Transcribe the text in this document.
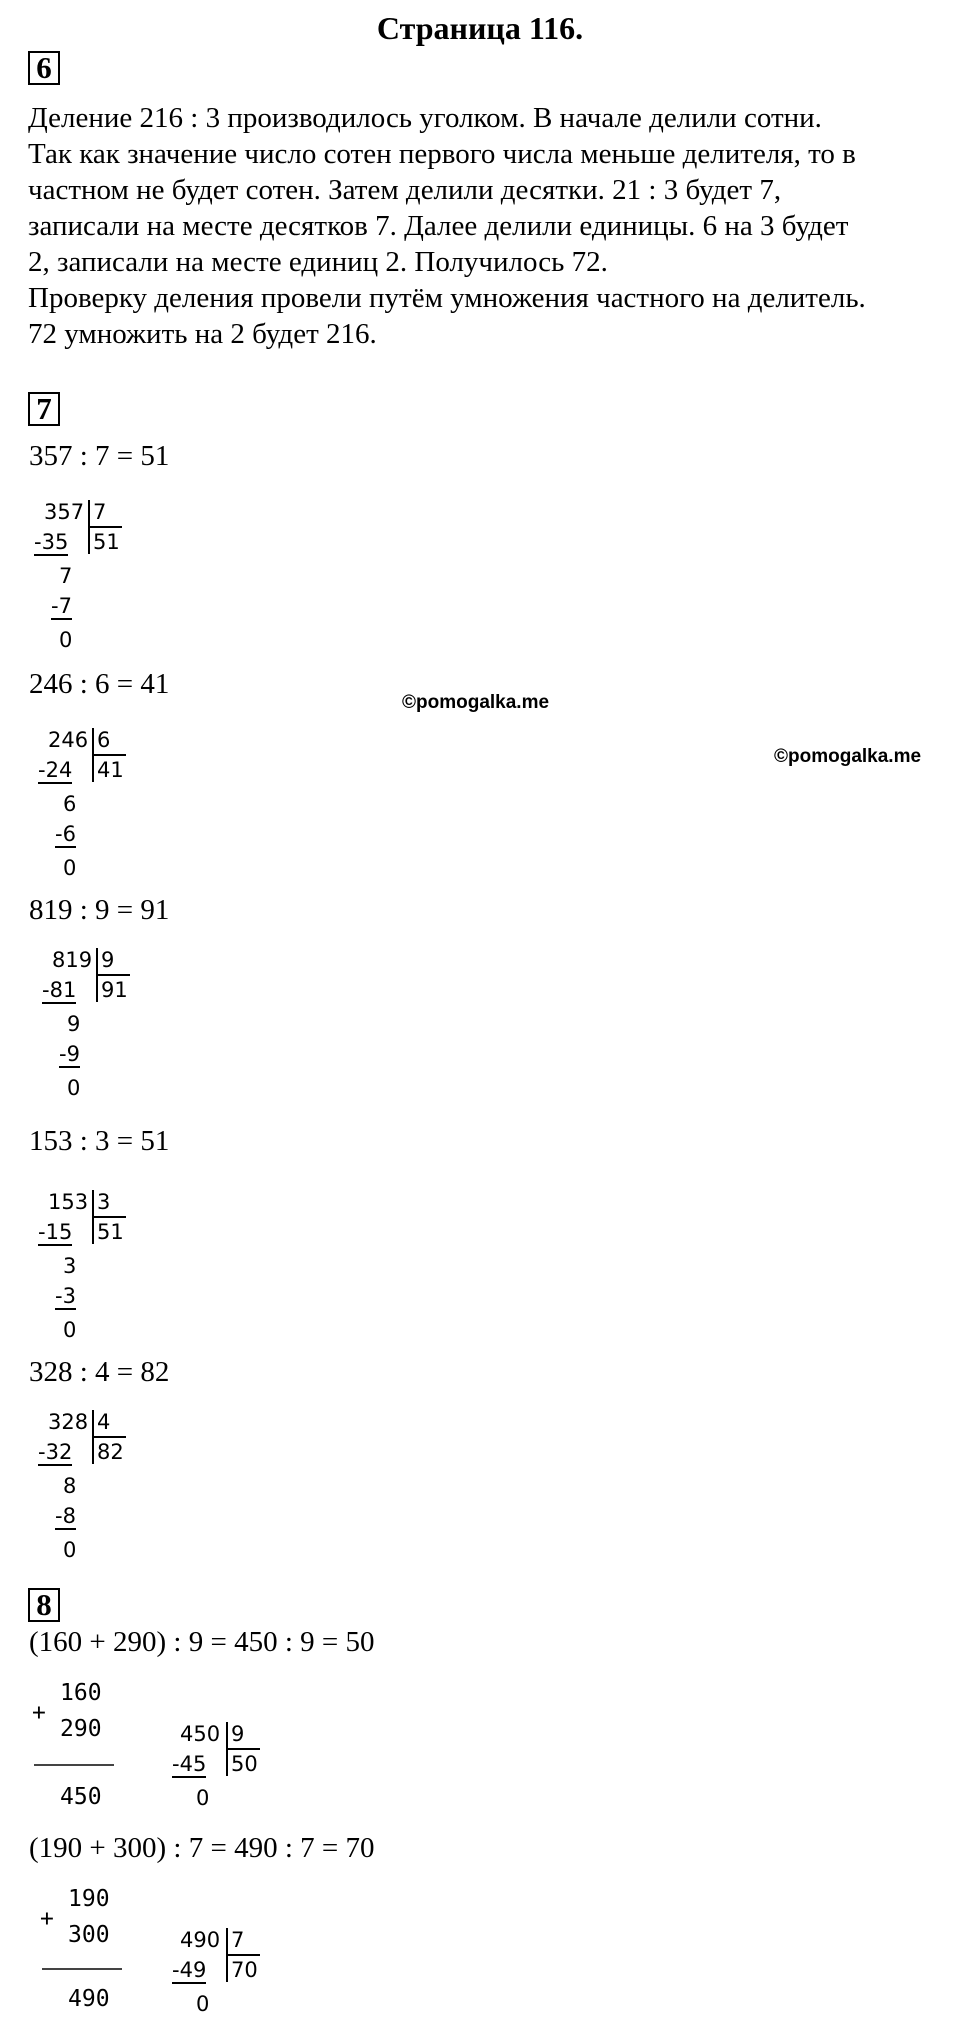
Страница 116.
6
Деление 216 : 3 производилось уголком. В начале делили сотни.
Так как значение число сотен первого числа меньше делителя, то в
частном не будет сотен. Затем делили десятки. 21 : 3 будет 7,
записали на месте десятков 7. Далее делили единицы. 6 на 3 будет
2, записали на месте единиц 2. Получилось 72.
Проверку деления провели путём умножения частного на делитель.
72 умножить на 2 будет 216.
7
357 : 7 = 51
357 7
51
-35
7
-7
0
246 : 6 = 41
246 6
41
-24
6
-6
0
819 : 9 = 91
819 9
91
-81
9
-9
0
153 : 3 = 51
153 3
51
-15
3
-3
0
328 : 4 = 82
328 4
82
-32
8
-8
0
8
(160 + 290) : 9 = 450 : 9 = 50
+
160
290
450
450 9
50
-45
0
(190 + 300) : 7 = 490 : 7 = 70
+
190
300
490
490 7
70
-49
0
©pomogalka.me
©pomogalka.me
